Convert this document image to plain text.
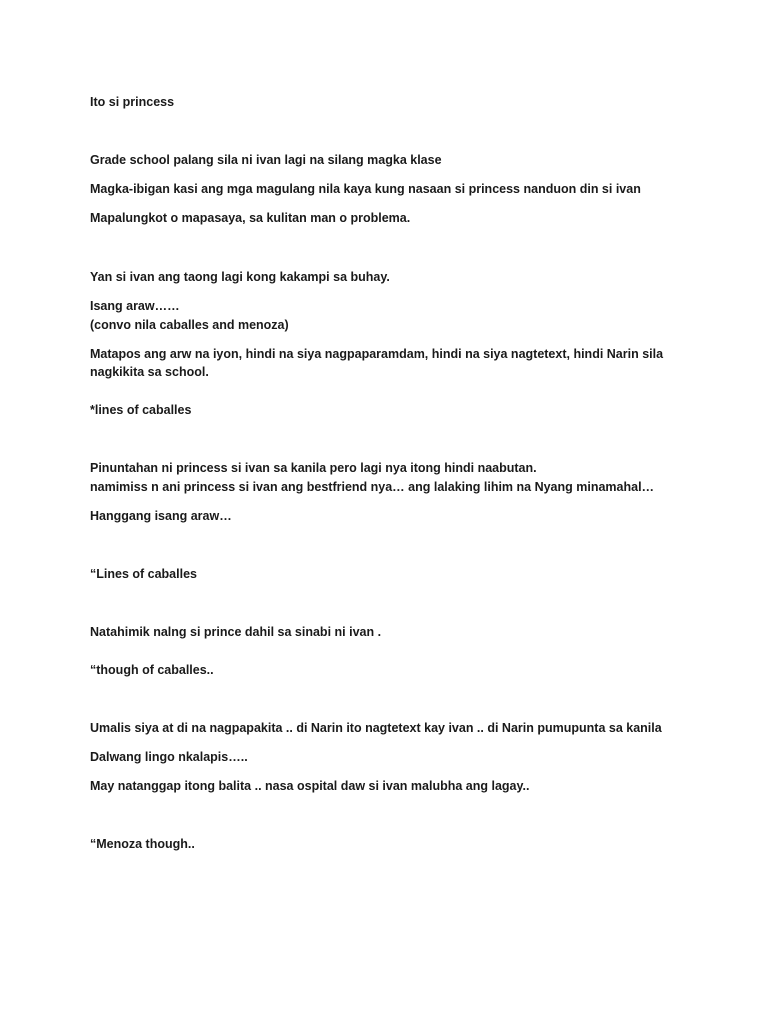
Ito si princess
Grade school palang sila ni ivan lagi na silang magka klase
Magka-ibigan kasi ang mga magulang nila kaya kung nasaan si princess nanduon din si ivan
Mapalungkot o mapasaya, sa kulitan man o problema.
Yan si ivan ang taong lagi kong kakampi sa buhay.
Isang araw……
(convo nila caballes and menoza)
Matapos ang arw na iyon, hindi na siya nagpaparamdam, hindi na siya nagtetext, hindi Narin sila
nagkikita sa school.
*lines of caballes
Pinuntahan ni princess si ivan sa kanila pero lagi nya itong hindi naabutan.
namimiss n ani princess si ivan ang bestfriend nya… ang lalaking lihim na Nyang minamahal…
Hanggang isang araw…
“Lines of caballes
Natahimik nalng si prince dahil sa sinabi ni ivan .
“though of caballes..
Umalis siya at di na nagpapakita .. di Narin ito nagtetext kay ivan .. di Narin pumupunta sa kanila
Dalwang lingo nkalapis…..
May natanggap itong balita .. nasa ospital daw si ivan malubha ang lagay..
“Menoza though..
